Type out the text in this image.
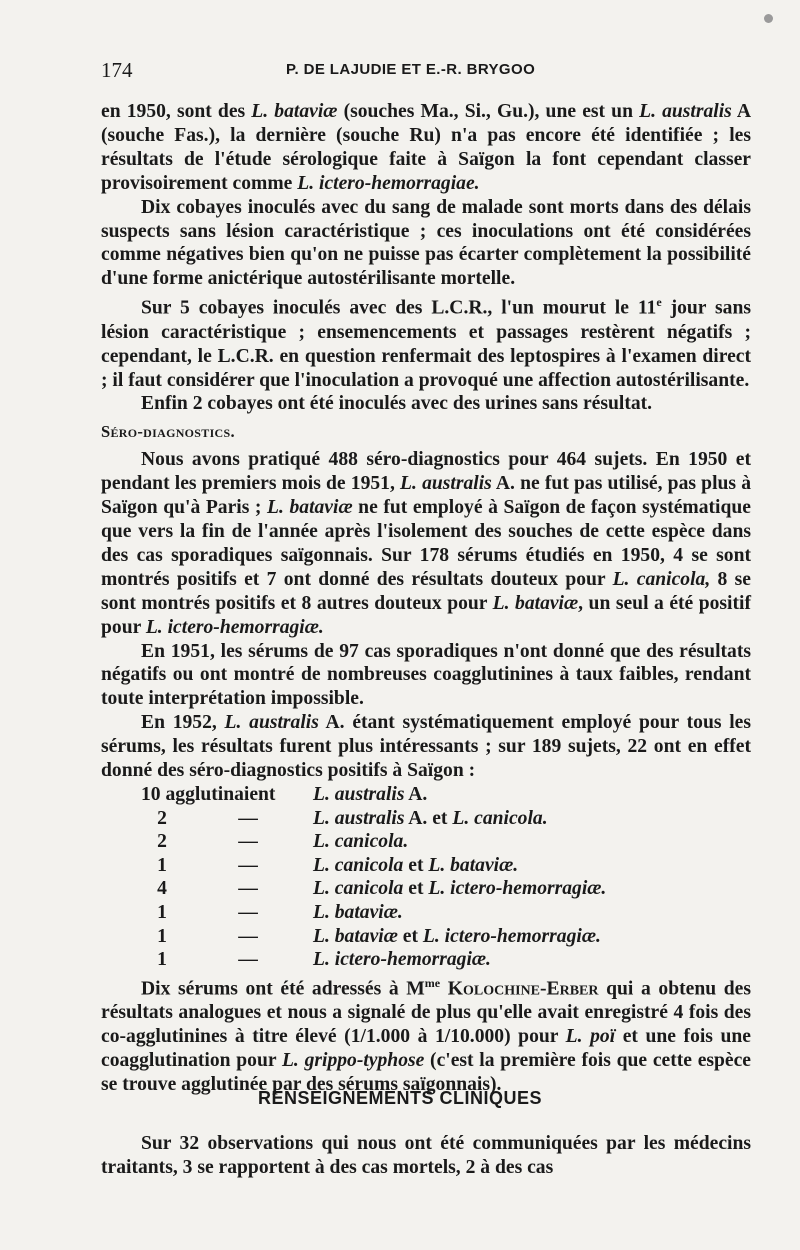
174	P. DE LAJUDIE ET E.-R. BRYGOO

en 1950, sont des L. bataviæ (souches Ma., Si., Gu.), une est un L. australis A (souche Fas.), la dernière (souche Ru) n'a pas encore été identifiée ; les résultats de l'étude sérologique faite à Saïgon la font cependant classer provisoirement comme L. ictero-hemorragiae.

Dix cobayes inoculés avec du sang de malade sont morts dans des délais suspects sans lésion caractéristique ; ces inoculations ont été considérées comme négatives bien qu'on ne puisse pas écarter complètement la possibilité d'une forme anictérique autostérilisante mortelle.

Sur 5 cobayes inoculés avec des L.C.R., l'un mourut le 11e jour sans lésion caractéristique ; ensemencements et passages restèrent négatifs ; cependant, le L.C.R. en question renfermait des leptospires à l'examen direct ; il faut considérer que l'inoculation a provoqué une affection autostérilisante.

Enfin 2 cobayes ont été inoculés avec des urines sans résultat.

Séro-diagnostics.

Nous avons pratiqué 488 séro-diagnostics pour 464 sujets. En 1950 et pendant les premiers mois de 1951, L. australis A. ne fut pas utilisé, pas plus à Saïgon qu'à Paris ; L. bataviæ ne fut employé à Saïgon de façon systématique que vers la fin de l'année après l'isolement des souches de cette espèce dans des cas sporadiques saïgonnais. Sur 178 sérums étudiés en 1950, 4 se sont montrés positifs et 7 ont donné des résultats douteux pour L. canicola, 8 se sont montrés positifs et 8 autres douteux pour L. bataviæ, un seul a été positif pour L. ictero-hemorragiæ.

En 1951, les sérums de 97 cas sporadiques n'ont donné que des résultats négatifs ou ont montré de nombreuses coagglutinines à taux faibles, rendant toute interprétation impossible.

En 1952, L. australis A. étant systématiquement employé pour tous les sérums, les résultats furent plus intéressants ; sur 189 sujets, 22 ont en effet donné des séro-diagnostics positifs à Saïgon :

10 agglutinaient		L. australis A.
2	—	L. australis A. et L. canicola.
2	—	L. canicola.
1	—	L. canicola et L. bataviæ.
4	—	L. canicola et L. ictero-hemorragiæ.
1	—	L. bataviæ.
1	—	L. bataviæ et L. ictero-hemorragiæ.
1	—	L. ictero-hemorragiæ.

Dix sérums ont été adressés à $M^{me}$ Kolochine-Erber qui a obtenu des résultats analogues et nous a signalé de plus qu'elle avait enregistré 4 fois des co-agglutinines à titre élevé (1/1.000 à 1/10.000) pour L. poï et une fois une coagglutination pour L. grippo-typhose (c'est la première fois que cette espèce se trouve agglutinée par des sérums saïgonnais).

RENSEIGNEMENTS CLINIQUES

Sur 32 observations qui nous ont été communiquées par les médecins traitants, 3 se rapportent à des cas mortels, 2 à des cas
